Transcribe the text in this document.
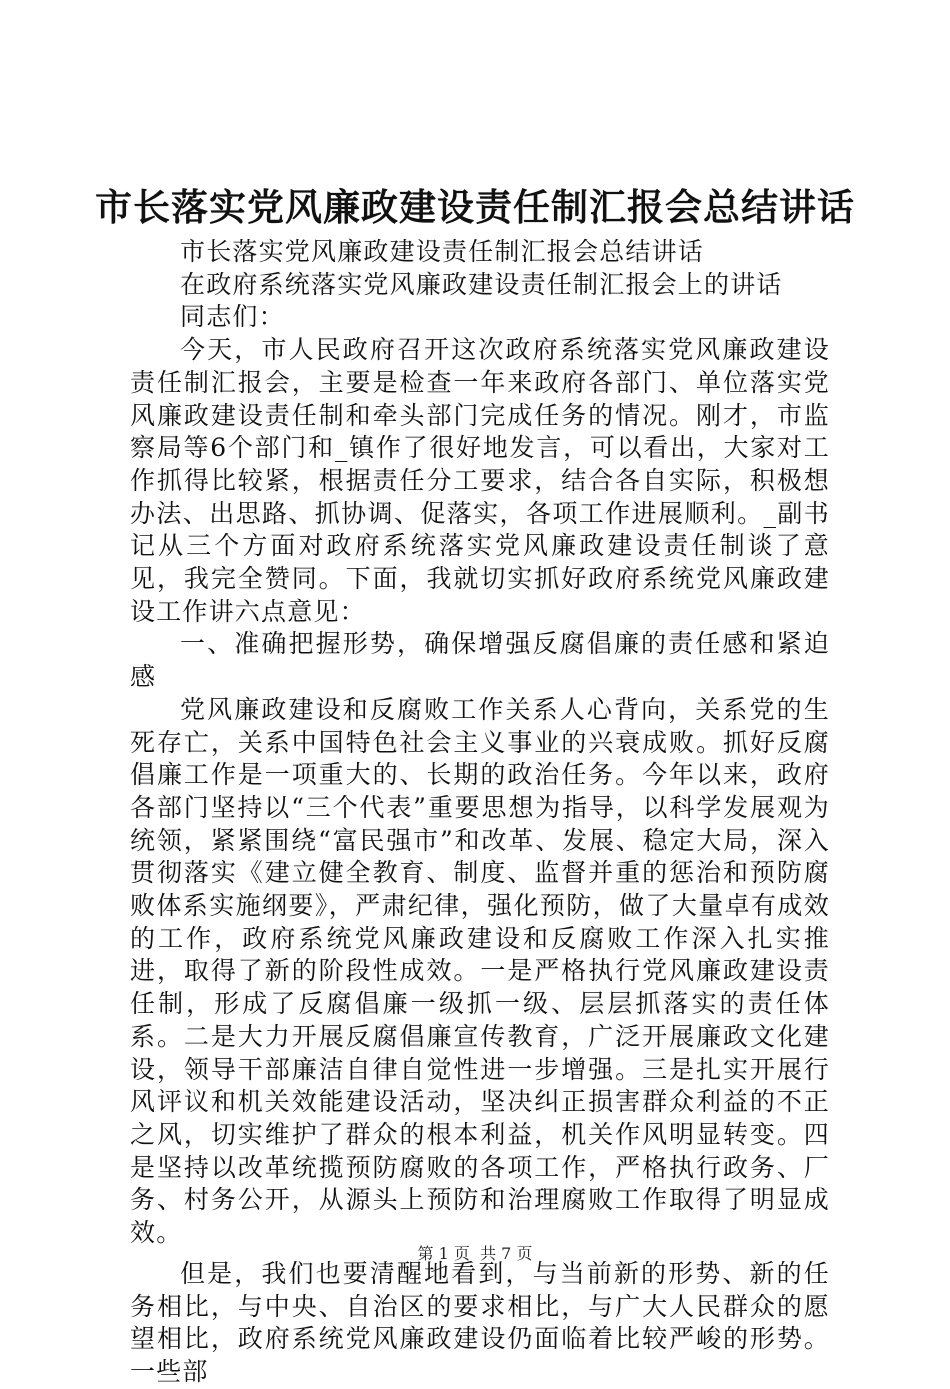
市长落实党风廉政建设责任制汇报会总结讲话

市长落实党风廉政建设责任制汇报会总结讲话

在政府系统落实党风廉政建设责任制汇报会上的讲话

同志们：

今天，市人民政府召开这次政府系统落实党风廉政建设责任制汇报会，主要是检查一年来政府各部门、单位落实党风廉政建设责任制和牵头部门完成任务的情况。刚才，市监察局等6个部门和_镇作了很好地发言，可以看出，大家对工作抓得比较紧，根据责任分工要求，结合各自实际，积极想办法、出思路、抓协调、促落实，各项工作进展顺利。_副书记从三个方面对政府系统落实党风廉政建设责任制谈了意见，我完全赞同。下面，我就切实抓好政府系统党风廉政建设工作讲六点意见：

一、准确把握形势，确保增强反腐倡廉的责任感和紧迫感

党风廉政建设和反腐败工作关系人心背向，关系党的生死存亡，关系中国特色社会主义事业的兴衰成败。抓好反腐倡廉工作是一项重大的、长期的政治任务。今年以来，政府各部门坚持以“三个代表”重要思想为指导，以科学发展观为统领，紧紧围绕“富民强市”和改革、发展、稳定大局，深入贯彻落实《建立健全教育、制度、监督并重的惩治和预防腐败体系实施纲要》，严肃纪律，强化预防，做了大量卓有成效的工作，政府系统党风廉政建设和反腐败工作深入扎实推进，取得了新的阶段性成效。一是严格执行党风廉政建设责任制，形成了反腐倡廉一级抓一级、层层抓落实的责任体系。二是大力开展反腐倡廉宣传教育，广泛开展廉政文化建设，领导干部廉洁自律自觉性进一步增强。三是扎实开展行风评议和机关效能建设活动，坚决纠正损害群众利益的不正之风，切实维护了群众的根本利益，机关作风明显转变。四是坚持以改革统揽预防腐败的各项工作，严格执行政务、厂务、村务公开，从源头上预防和治理腐败工作取得了明显成效。

但是，我们也要清醒地看到，与当前新的形势、新的任务相比，与中央、自治区的要求相比，与广大人民群众的愿望相比，政府系统党风廉政建设仍面临着比较严峻的形势。一些部

第 1 页  共 7 页
